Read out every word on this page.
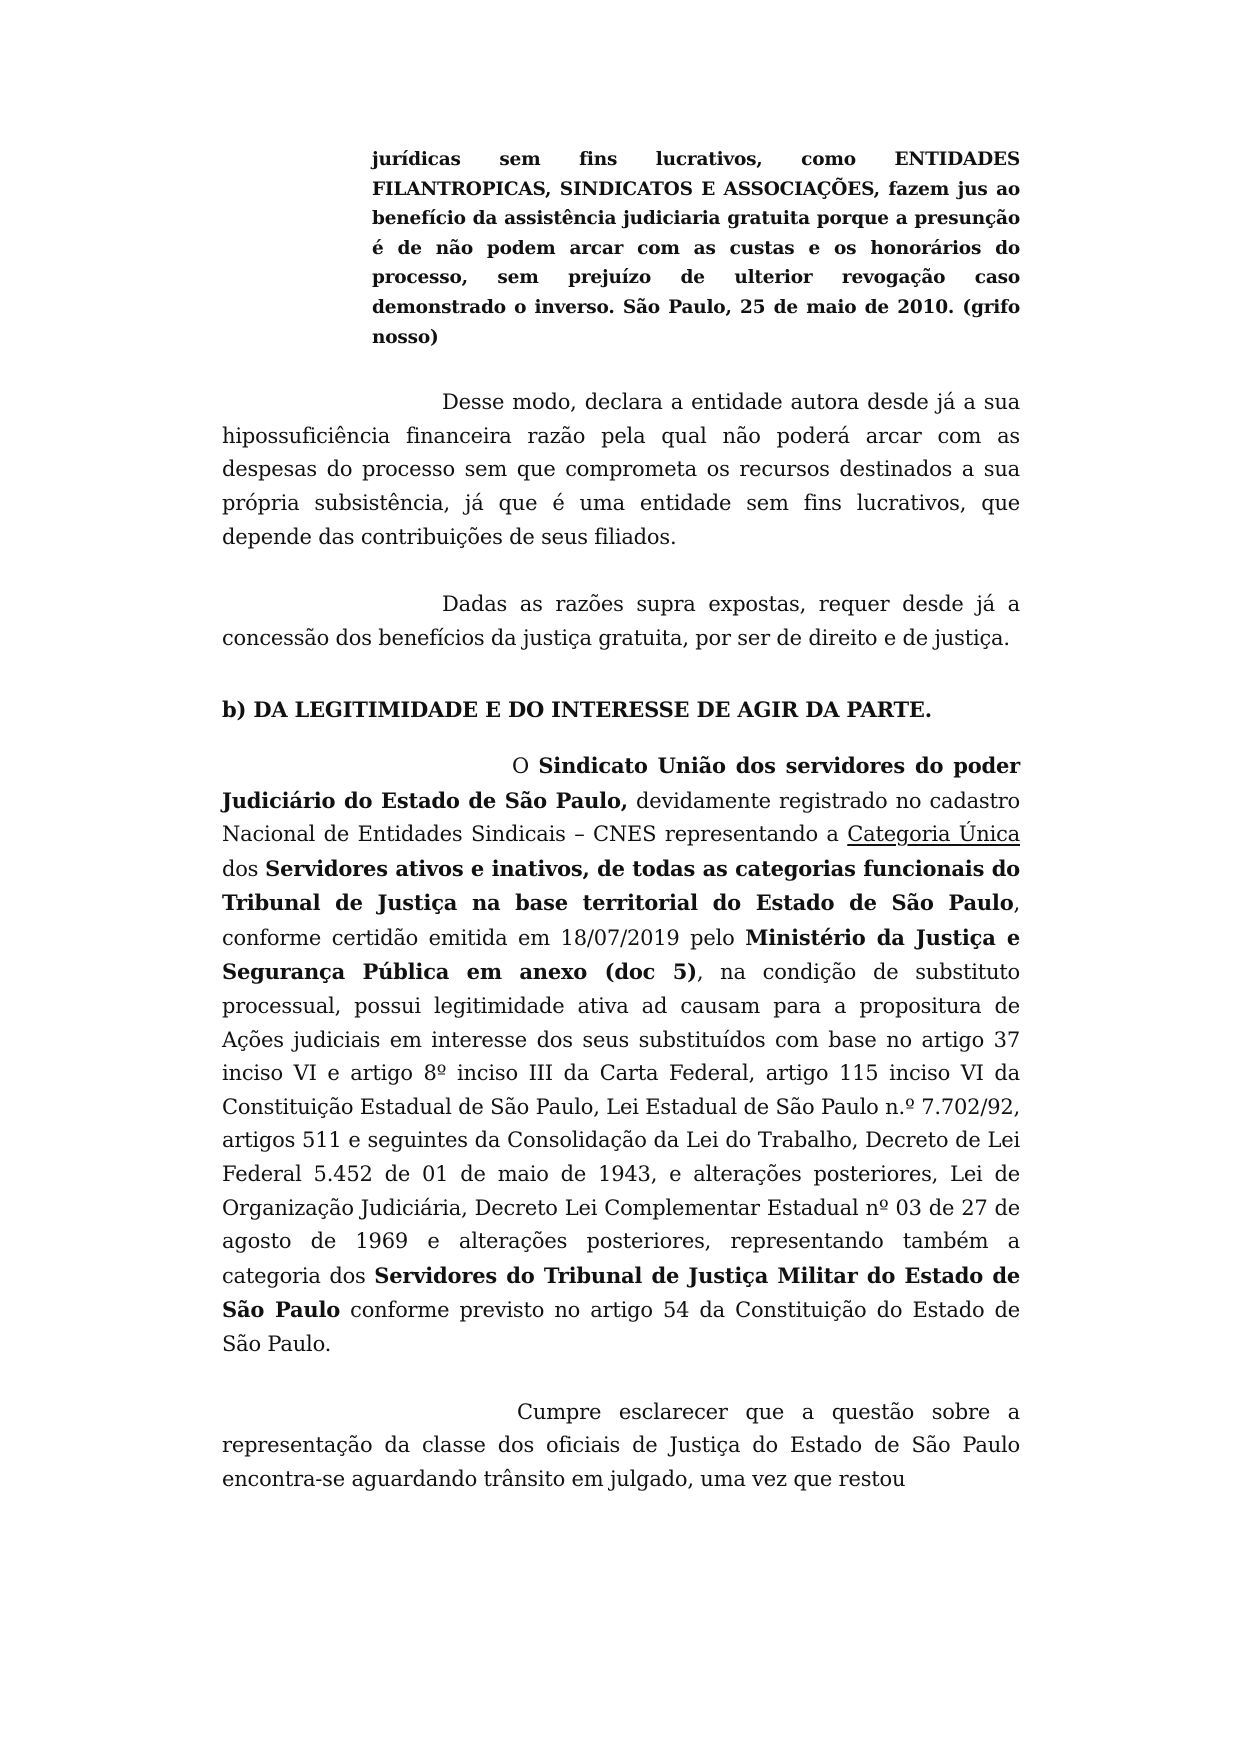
jurídicas sem fins lucrativos, como ENTIDADES FILANTROPICAS, SINDICATOS E ASSOCIAÇÕES, fazem jus ao benefício da assistência judiciaria gratuita porque a presunção é de não podem arcar com as custas e os honorários do processo, sem prejuízo de ulterior revogação caso demonstrado o inverso. São Paulo, 25 de maio de 2010. (grifo nosso)
Desse modo, declara a entidade autora desde já a sua hipossuficiência financeira razão pela qual não poderá arcar com as despesas do processo sem que comprometa os recursos destinados a sua própria subsistência, já que é uma entidade sem fins lucrativos, que depende das contribuições de seus filiados.
Dadas as razões supra expostas, requer desde já a concessão dos benefícios da justiça gratuita, por ser de direito e de justiça.
b) DA LEGITIMIDADE E DO INTERESSE DE AGIR DA PARTE.
O Sindicato União dos servidores do poder Judiciário do Estado de São Paulo, devidamente registrado no cadastro Nacional de Entidades Sindicais – CNES representando a Categoria Única dos Servidores ativos e inativos, de todas as categorias funcionais do Tribunal de Justiça na base territorial do Estado de São Paulo, conforme certidão emitida em 18/07/2019 pelo Ministério da Justiça e Segurança Pública em anexo (doc 5), na condição de substituto processual, possui legitimidade ativa ad causam para a propositura de Ações judiciais em interesse dos seus substituídos com base no artigo 37 inciso VI e artigo 8º inciso III da Carta Federal, artigo 115 inciso VI da Constituição Estadual de São Paulo, Lei Estadual de São Paulo n.º 7.702/92, artigos 511 e seguintes da Consolidação da Lei do Trabalho, Decreto de Lei Federal 5.452 de 01 de maio de 1943, e alterações posteriores, Lei de Organização Judiciária, Decreto Lei Complementar Estadual nº 03 de 27 de agosto de 1969 e alterações posteriores, representando também a categoria dos Servidores do Tribunal de Justiça Militar do Estado de São Paulo conforme previsto no artigo 54 da Constituição do Estado de São Paulo.
Cumpre esclarecer que a questão sobre a representação da classe dos oficiais de Justiça do Estado de São Paulo encontra-se aguardando trânsito em julgado, uma vez que restou
